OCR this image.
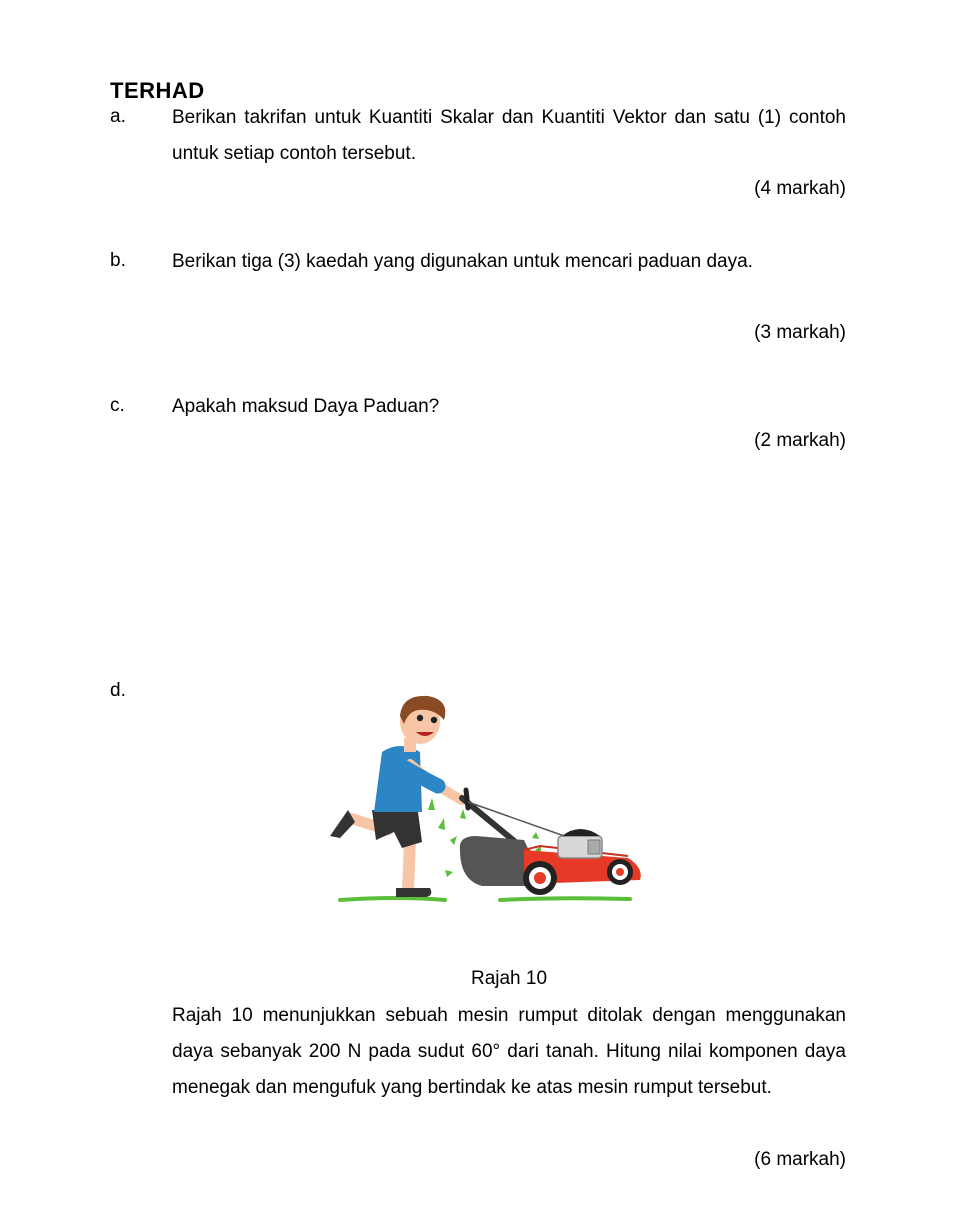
TERHAD
a. Berikan takrifan untuk Kuantiti Skalar dan Kuantiti Vektor dan satu (1) contoh untuk setiap contoh tersebut.
(4 markah)
b. Berikan tiga (3) kaedah yang digunakan untuk mencari paduan daya.
(3 markah)
c. Apakah maksud Daya Paduan?
(2 markah)
d.
Rajah 10
Rajah 10 menunjukkan sebuah mesin rumput ditolak dengan menggunakan daya sebanyak 200 N pada sudut 60° dari tanah. Hitung nilai komponen daya menegak dan mengufuk yang bertindak ke atas mesin rumput tersebut.
(6 markah)
